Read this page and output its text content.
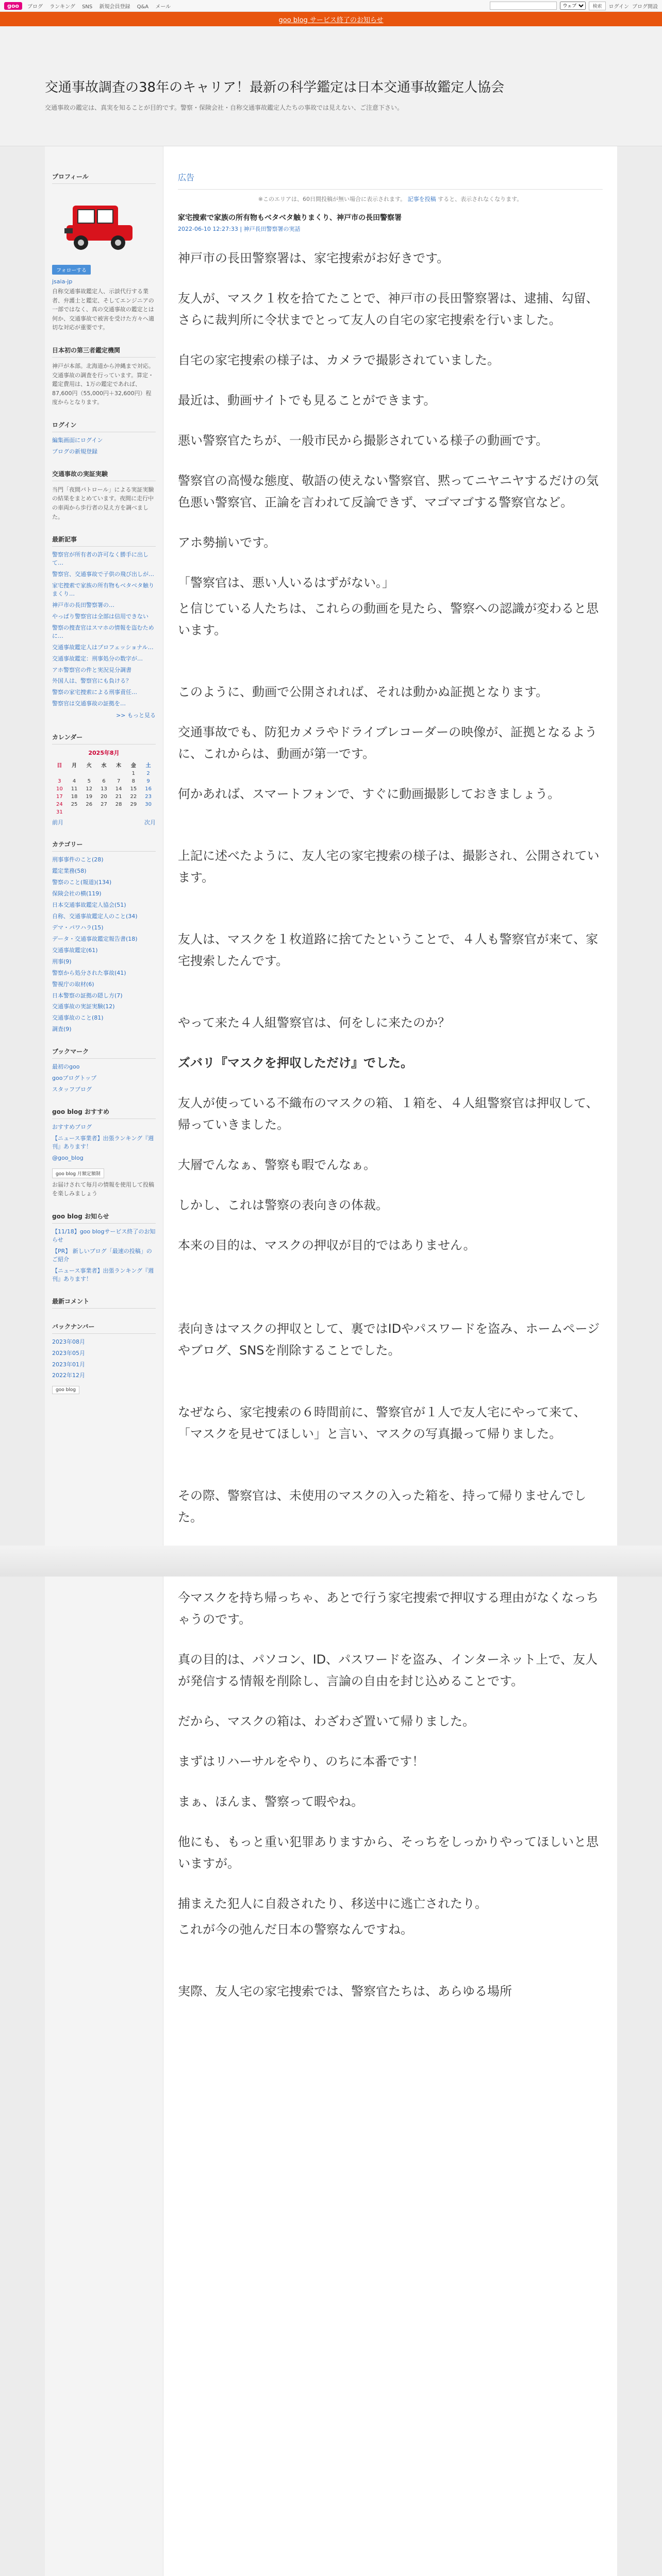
goo	ブログ ランキング SNS 新規会員登録 Q&A メール
ウェブ	検索	ログイン ブログ開設
goo blog サービス終了のお知らせ
交通事故調査の38年のキャリア！最新の科学鑑定は日本交通事故鑑定人協会

交通事故の鑑定は、真実を知ることが目的です。警察・保険会社・自称交通事故鑑定人たちの事故では見えない、ご注意下さい。

プロフィール
フォローする
jsaia-jp

自称交通事故鑑定人、示談代行する業者、弁護士と鑑定、そしてエンジニアの一部ではなく、真の交通事故の鑑定とは何か、交通事故で被害を受けた方々へ適切な対応が重要です。

日本初の第三者鑑定機関

神戸が本部。北海道から沖縄まで対応。交通事故の調査を行っています。算定・鑑定費用は、1万の鑑定であれば、87,600円（55,000円＋32,600円）程度からとなります。

ログイン
編集画面にログイン
ブログの新規登録
交通事故の実証実験

当門「夜間パトロール」による実証実験の結果をまとめています。夜間に走行中の車両から歩行者の見え方を調べました。

最新記事
警察官が所有者の許可なく勝手に出して…
警察官、交通事故で子供の飛び出しが…
家宅捜索で家族の所有物もベタベタ触りまくり…
神戸市の長田警察署の…
やっぱり警察官は全部は信用できない
警察の捜査官はスマホの情報を盗むために…
交通事故鑑定人はプロフェッショナル…
交通事故鑑定：刑事処分の数字が…
アホ警察官の件と実況見分調書
外国人は、警察官にも負ける？
警察の家宅捜索による刑事責任…
警察官は交通事故の証拠を…
>> もっと見る
カレンダー
2025年8月
日	月	火	水	木	金	土
					1	2
3	4	5	6	7	8	9
10	11	12	13	14	15	16
17	18	19	20	21	22	23
24	25	26	27	28	29	30
31						
前月	次月
カテゴリー
刑事事件のこと(28)
鑑定業務(58)
警察のこと(報道)(134)
保険会社の横(119)
日本交通事故鑑定人協会(51)
自称、交通事故鑑定人のこと(34)
デマ・パワハラ(15)
データ・交通事故鑑定報告書(18)
交通事故鑑定(61)
刑事(9)
警察から処分された事故(41)
警視庁の取材(6)
日本警察の証拠の隠し方(7)
交通事故の実証実験(12)
交通事故のこと(81)
調査(9)
ブックマーク
最初のgoo
gooブログトップ
スタッフブログ
goo blog おすすめ
おすすめブログ
【ニュース事業者】出張ランキング『週刊』あります！
@goo_blog
goo blog 月額定額制

お届けされて毎月の情報を使用して投稿を楽しみましょう

goo blog お知らせ
【11/18】goo blogサービス終了のお知らせ
【PR】 新しいブログ「最速の投稿」のご紹介
【ニュース事業者】出張ランキング『週刊』あります！
最新コメント
バックナンバー
2023年08月
2023年05月
2023年01月
2022年12月
goo blog
広告
※このエリアは、60日間投稿が無い場合に表示されます。 記事を投稿 すると、表示されなくなります。
家宅捜索で家族の所有物もベタベタ触りまくり、神戸市の長田警察署
2022-06-10 12:27:33 | 神戸長田警察署の実話

神戸市の長田警察署は、家宅捜索がお好きです。

友人が、マスク１枚を拾てたことで、神戸市の長田警察署は、逮捕、勾留、さらに裁判所に令状までとって友人の自宅の家宅捜索を行いました。

自宅の家宅捜索の様子は、カメラで撮影されていました。

最近は、動画サイトでも見ることができます。

悪い警察官たちが、一般市民から撮影されている様子の動画です。

警察官の高慢な態度、敬語の使えない警察官、黙ってニヤニヤするだけの気色悪い警察官、正論を言われて反論できず、マゴマゴする警察官など。

アホ勢揃いです。

「警察官は、悪い人いるはずがない。」

と信じている人たちは、これらの動画を見たら、警察への認識が変わると思います。

このように、動画で公開されれば、それは動かぬ証拠となります。

交通事故でも、防犯カメラやドライブレコーダーの映像が、証拠となるように、これからは、動画が第一です。

何かあれば、スマートフォンで、すぐに動画撮影しておきましょう。

上記に述べたように、友人宅の家宅捜索の様子は、撮影され、公開されています。

友人は、マスクを１枚道路に捨てたということで、４人も警察官が来て、家宅捜索したんです。

やって来た４人組警察官は、何をしに来たのか？

ズバリ『マスクを押収しただけ』でした。

友人が使っている不織布のマスクの箱、１箱を、４人組警察官は押収して、帰っていきました。

大層でんなぁ、警察も暇でんなぁ。

しかし、これは警察の表向きの体裁。

本来の目的は、マスクの押収が目的ではありません。

表向きはマスクの押収として、裏ではIDやパスワードを盗み、ホームページやブログ、SNSを削除することでした。

なぜなら、家宅捜索の６時間前に、警察官が１人で友人宅にやって来て、「マスクを見せてほしい」と言い、マスクの写真撮って帰りました。

その際、警察官は、未使用のマスクの入った箱を、持って帰りませんでした。

今マスクを持ち帰っちゃ、あとで行う家宅捜索で押収する理由がなくなっちゃうのです。

真の目的は、パソコン、ID、パスワードを盗み、インターネット上で、友人が発信する情報を削除し、言論の自由を封じ込めることです。

だから、マスクの箱は、わざわざ置いて帰りました。

まずはリハーサルをやり、のちに本番です！

まぁ、ほんま、警察って暇やね。

他にも、もっと重い犯罪ありますから、そっちをしっかりやってほしいと思いますが。

捕まえた犯人に自殺されたり、移送中に逃亡されたり。

これが今の弛んだ日本の警察なんですね。

実際、友人宅の家宅捜索では、警察官たちは、あらゆる場所
